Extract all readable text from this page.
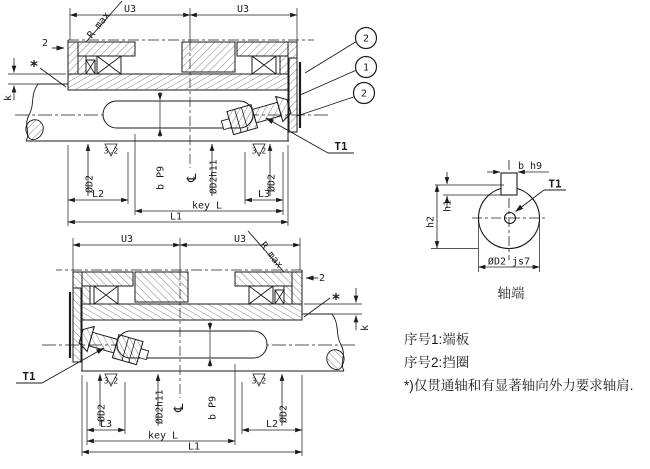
2
1
2
U3	U3
R max
2
*
k
ØD2
3.2	3.2
b P9 ℄ ØD2h11	ØD2
L2	L3
key L
L1
T1
U3
U3
R max
2
*
k
ØD2
3.2
3.2
b P9
℄
ØD2h11
ØD2
L2
L3
key L
L1
T1
b h9
h2
h1
ØD2 js7
T1
轴端
序号1:端板
序号2:挡圈
*)仅贯通轴和有显著轴向外力要求轴肩.
